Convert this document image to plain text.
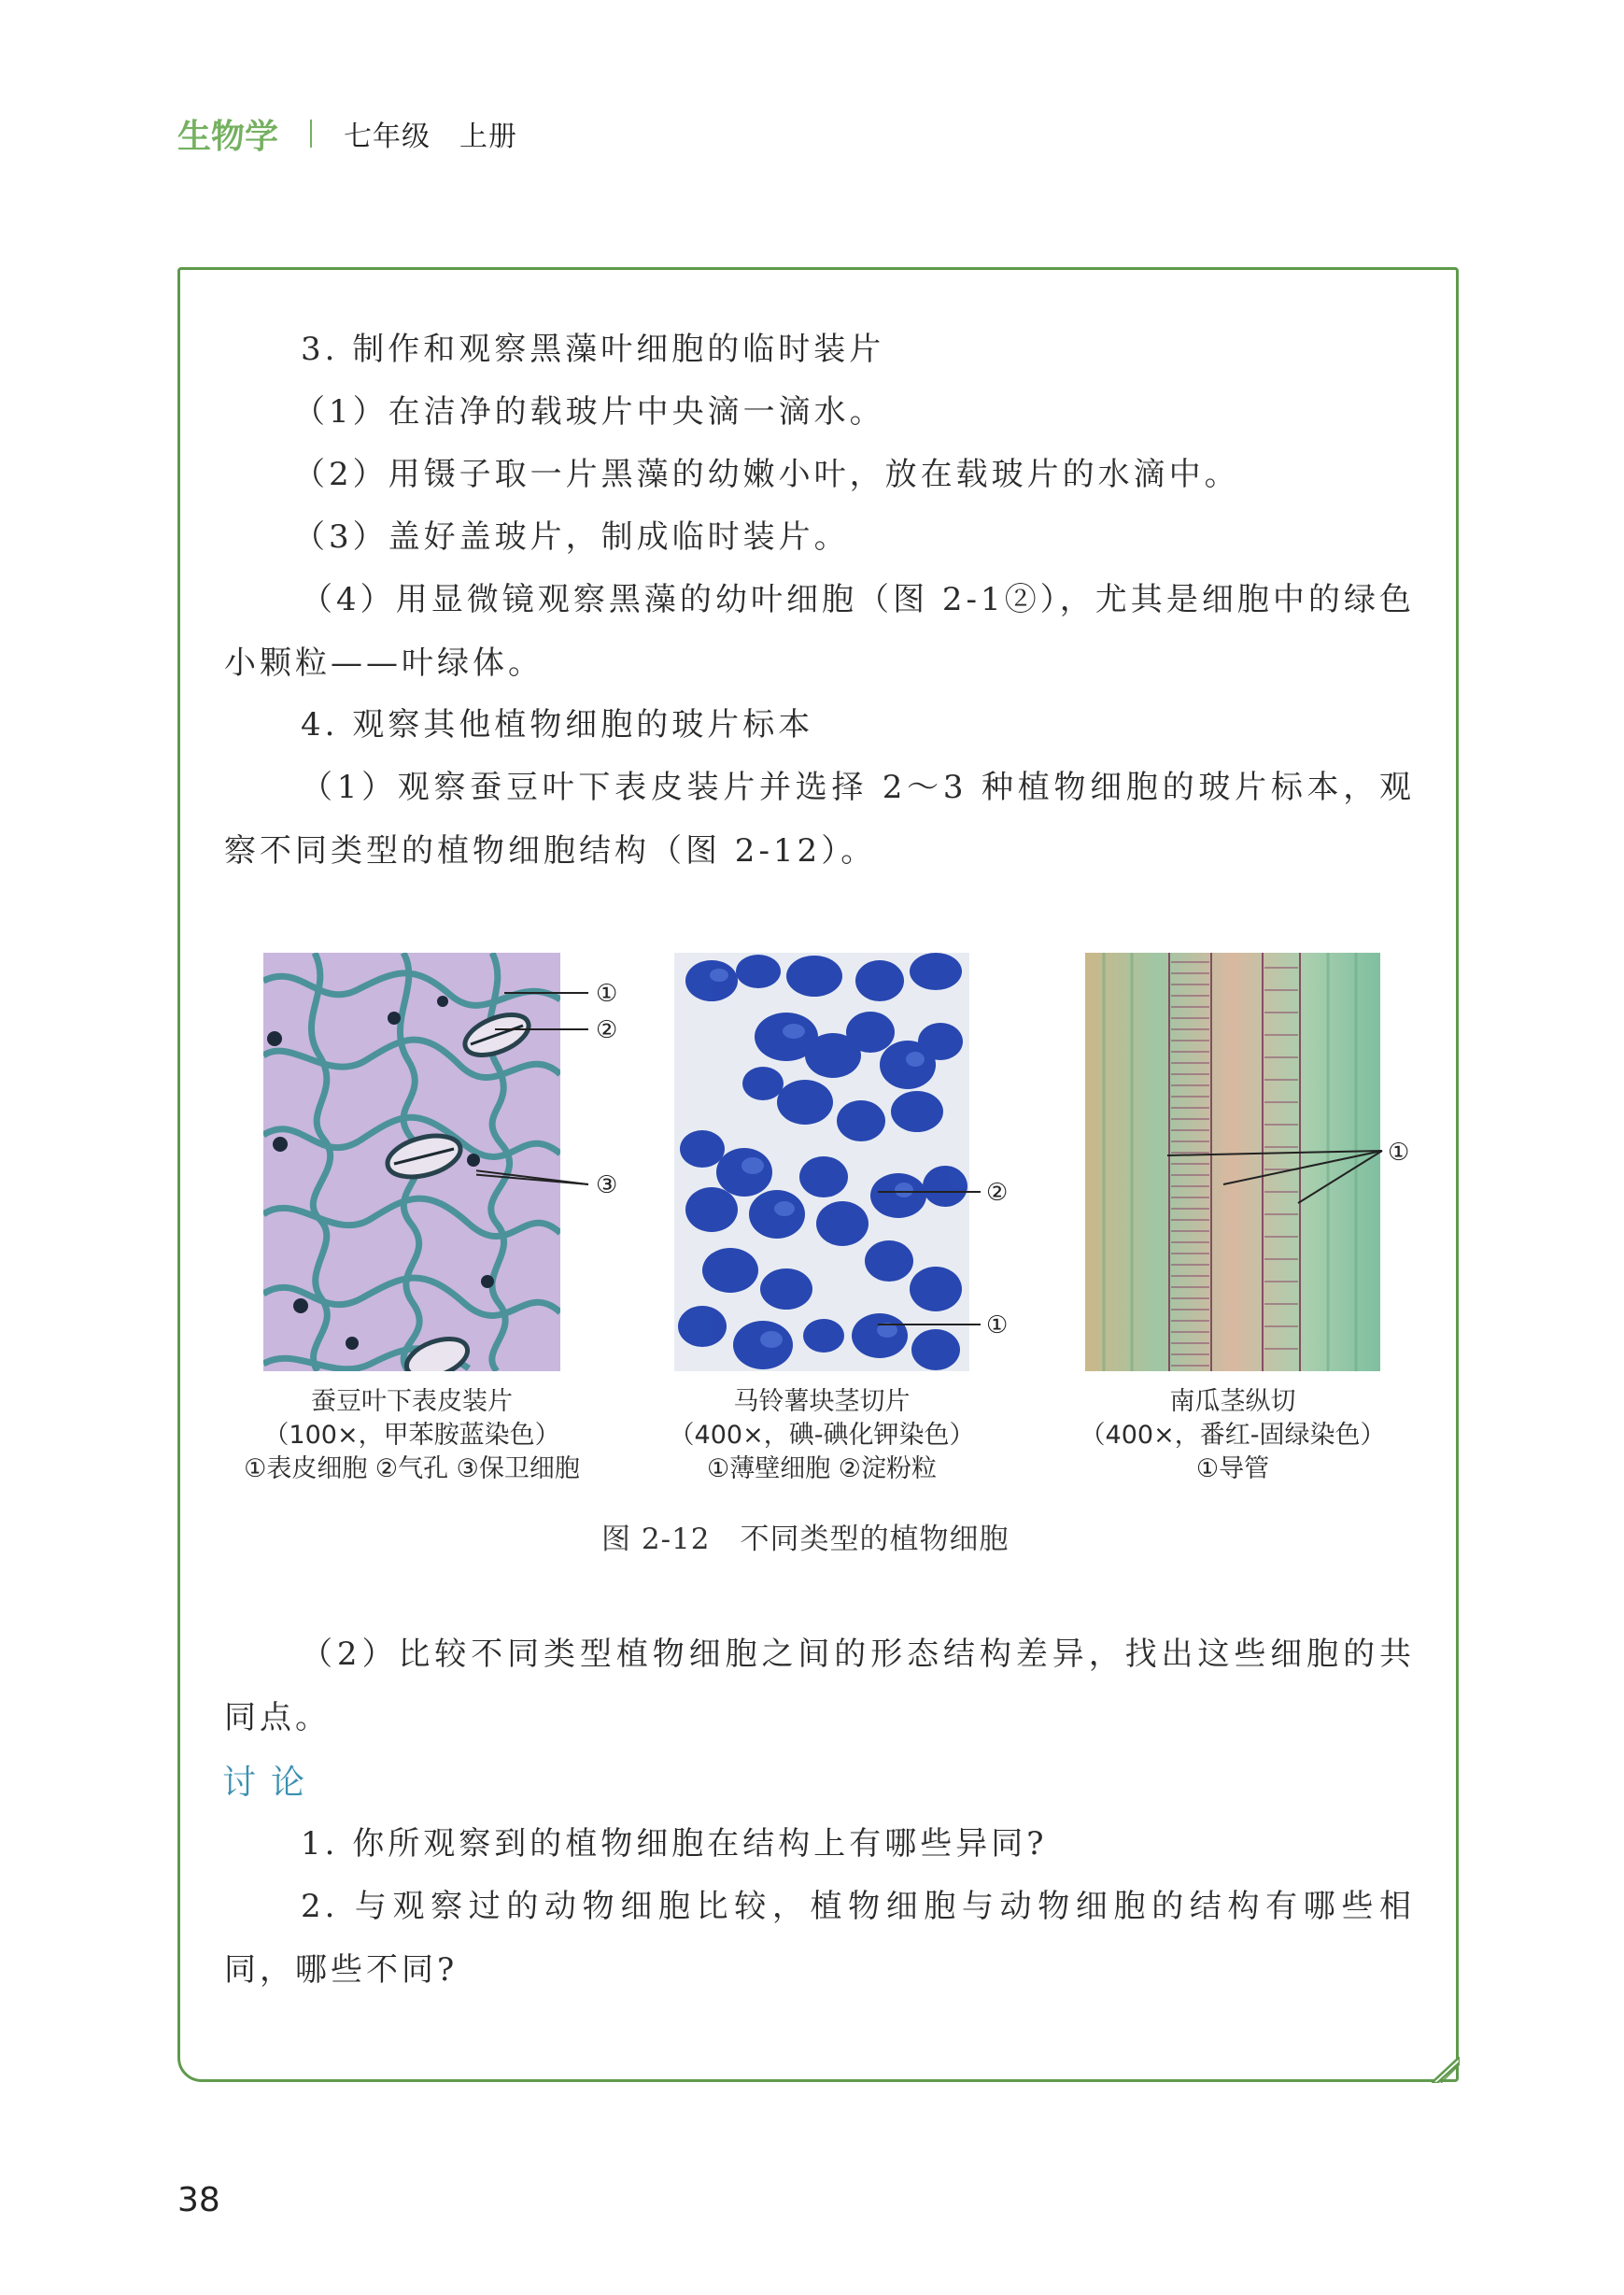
生物学 七年级　上册
3. 制作和观察黑藻叶细胞的临时装片
（1）在洁净的载玻片中央滴一滴水。
（2）用镊子取一片黑藻的幼嫩小叶，放在载玻片的水滴中。
（3）盖好盖玻片，制成临时装片。
（4）用显微镜观察黑藻的幼叶细胞（图 2-1②），尤其是细胞中的绿色小颗粒——叶绿体。
4. 观察其他植物细胞的玻片标本
（1）观察蚕豆叶下表皮装片并选择 2～3 种植物细胞的玻片标本，观察不同类型的植物细胞结构（图 2-12）。
①
②
③
蚕豆叶下表皮装片
（100×，甲苯胺蓝染色）
①表皮细胞 ②气孔 ③保卫细胞
②
①
马铃薯块茎切片
（400×，碘-碘化钾染色）
①薄壁细胞 ②淀粉粒
①
南瓜茎纵切
（400×，番红-固绿染色）
①导管
图 2-12　不同类型的植物细胞
（2）比较不同类型植物细胞之间的形态结构差异，找出这些细胞的共同点。
讨论
1. 你所观察到的植物细胞在结构上有哪些异同?
2. 与观察过的动物细胞比较，植物细胞与动物细胞的结构有哪些相同，哪些不同?
38
